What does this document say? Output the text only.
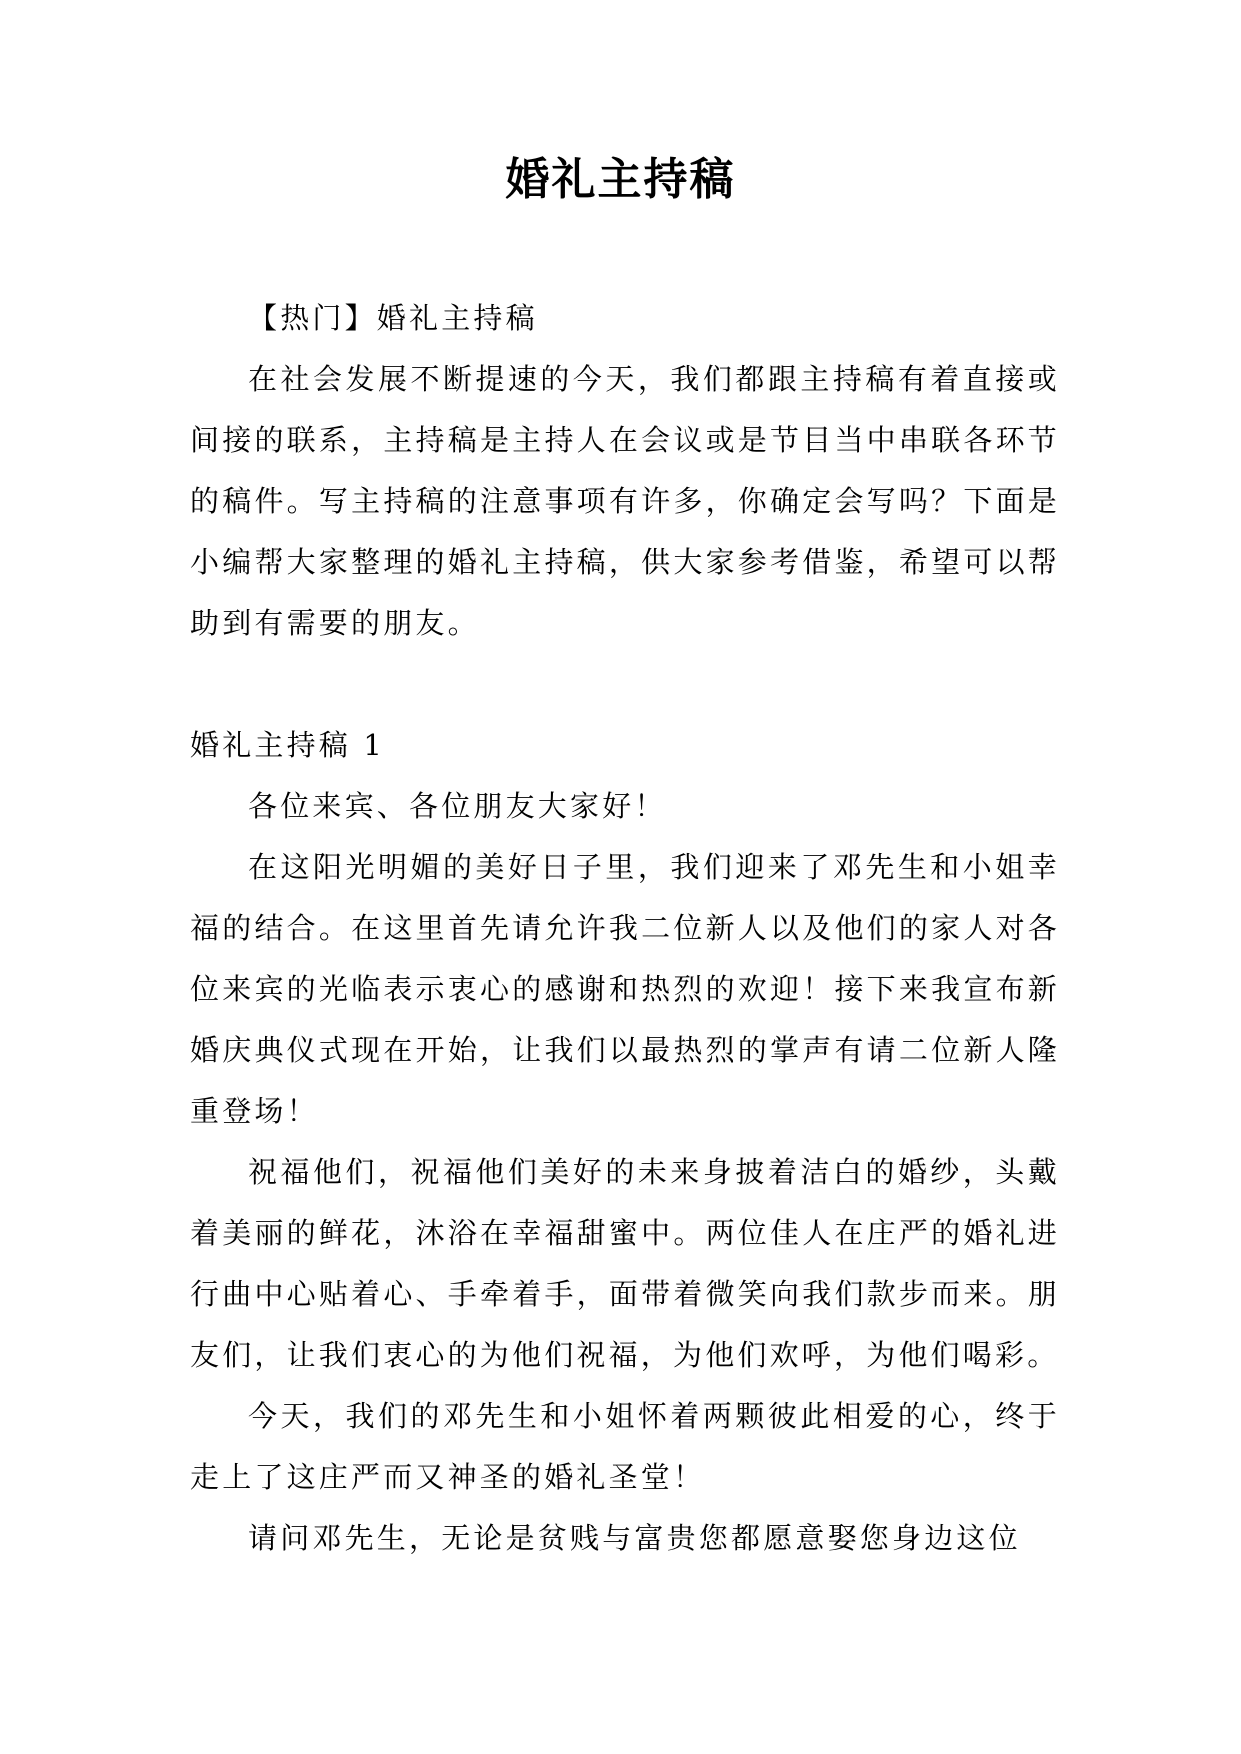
婚礼主持稿

【热门】婚礼主持稿

在社会发展不断提速的今天，我们都跟主持稿有着直接或间接的联系，主持稿是主持人在会议或是节目当中串联各环节的稿件。写主持稿的注意事项有许多，你确定会写吗？下面是小编帮大家整理的婚礼主持稿，供大家参考借鉴，希望可以帮助到有需要的朋友。

婚礼主持稿 1

各位来宾、各位朋友大家好！

在这阳光明媚的美好日子里，我们迎来了邓先生和小姐幸福的结合。在这里首先请允许我二位新人以及他们的家人对各位来宾的光临表示衷心的感谢和热烈的欢迎！接下来我宣布新婚庆典仪式现在开始，让我们以最热烈的掌声有请二位新人隆重登场！

祝福他们，祝福他们美好的未来身披着洁白的婚纱，头戴着美丽的鲜花，沐浴在幸福甜蜜中。两位佳人在庄严的婚礼进行曲中心贴着心、手牵着手，面带着微笑向我们款步而来。朋友们，让我们衷心的为他们祝福，为他们欢呼，为他们喝彩。

今天，我们的邓先生和小姐怀着两颗彼此相爱的心，终于走上了这庄严而又神圣的婚礼圣堂！

请问邓先生，无论是贫贱与富贵您都愿意娶您身边这位
